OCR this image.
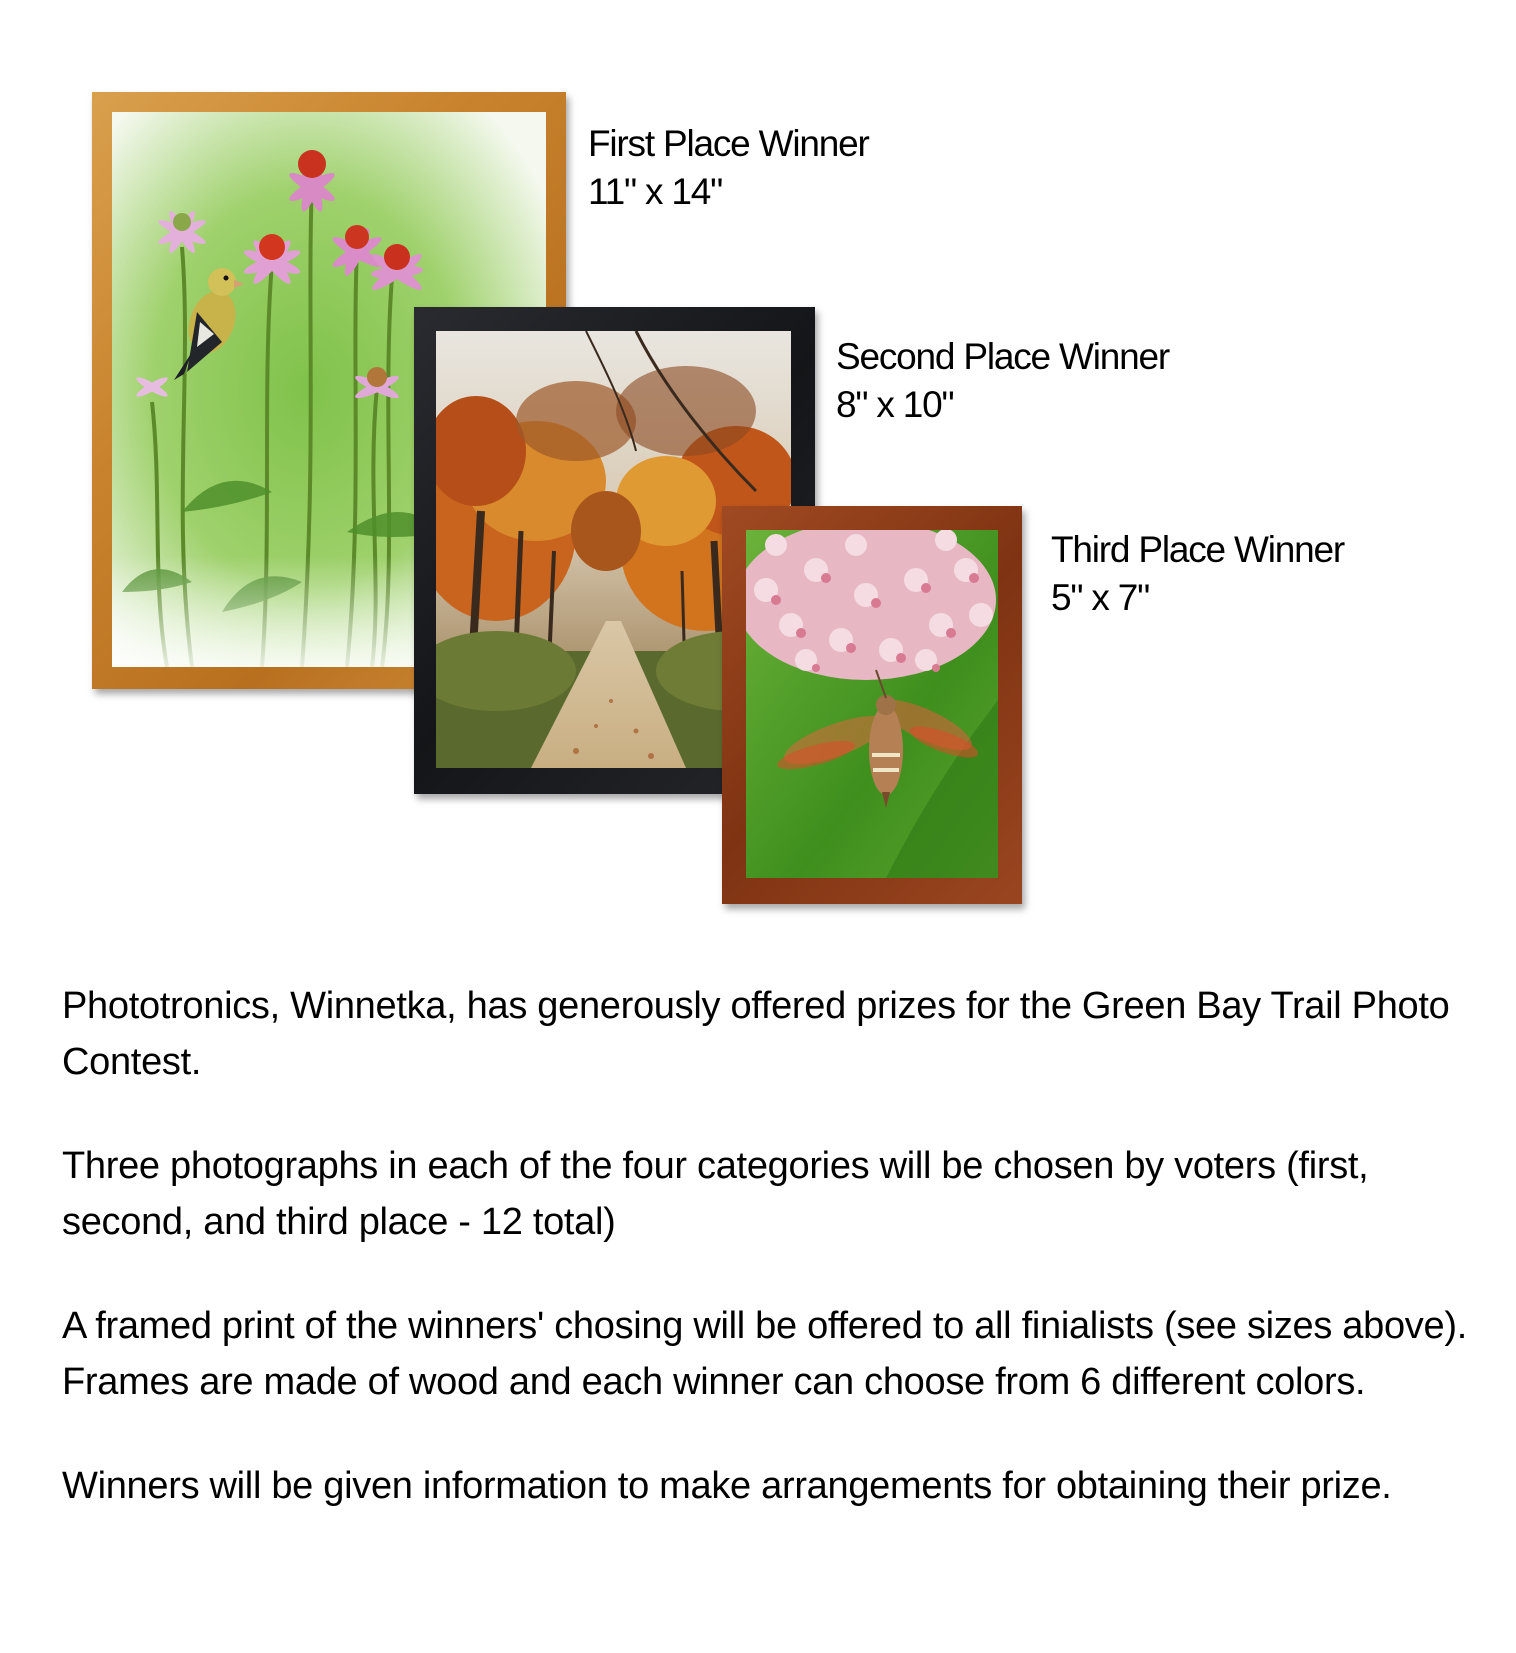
First Place Winner
11" x 14"
Second Place Winner
8" x 10"
Third Place Winner
5" x 7"

Phototronics, Winnetka, has generously offered prizes for the Green Bay Trail Photo Contest.

Three photographs in each of the four categories will be chosen by voters (first, second, and third place - 12 total)

A framed print of the winners' chosing will be offered to all finialists (see sizes above). Frames are made of wood and each winner can choose from 6 different colors.

Winners will be given information to make arrangements for obtaining their prize.
